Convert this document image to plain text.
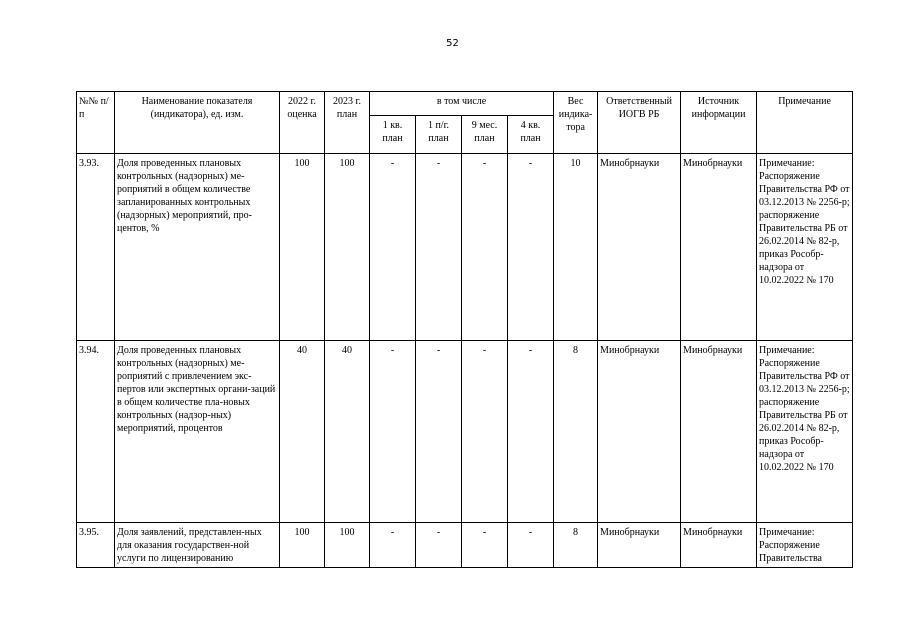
52
№№ п/п	Наименование показателя (индикатора), ед. изм.	2022 г. оценка	2023 г. план	в том числе				Вес индика-тора	Ответственный ИОГВ РБ	Источник информации	Примечание
				1 кв. план	1 п/г. план	9 мес. план	4 кв. план				
3.93.	Доля проведенных плановых контрольных (надзорных) ме-роприятий в общем количестве запланированных контрольных (надзорных) мероприятий, про-центов, %	100	100	-	-	-	-	10	Минобрнауки	Минобрнауки	Примечание: Распоряжение Правительства РФ от 03.12.2013 № 2256-р; распоряжение Правительства РБ от 26.02.2014 № 82-р, приказ Рособр-надзора от 10.02.2022 № 170
3.94.	Доля проведенных плановых контрольных (надзорных) ме-роприятий с привлечением экс-пертов или экспертных органи-заций в общем количестве пла-новых контрольных (надзор-ных) мероприятий, процентов	40	40	-	-	-	-	8	Минобрнауки	Минобрнауки	Примечание: Распоряжение Правительства РФ от 03.12.2013 № 2256-р; распоряжение Правительства РБ от 26.02.2014 № 82-р, приказ Рособр-надзора от 10.02.2022 № 170
3.95.	Доля заявлений, представлен-ных для оказания государствен-ной услуги по лицензированию	100	100	-	-	-	-	8	Минобрнауки	Минобрнауки	Примечание: Распоряжение Правительства
